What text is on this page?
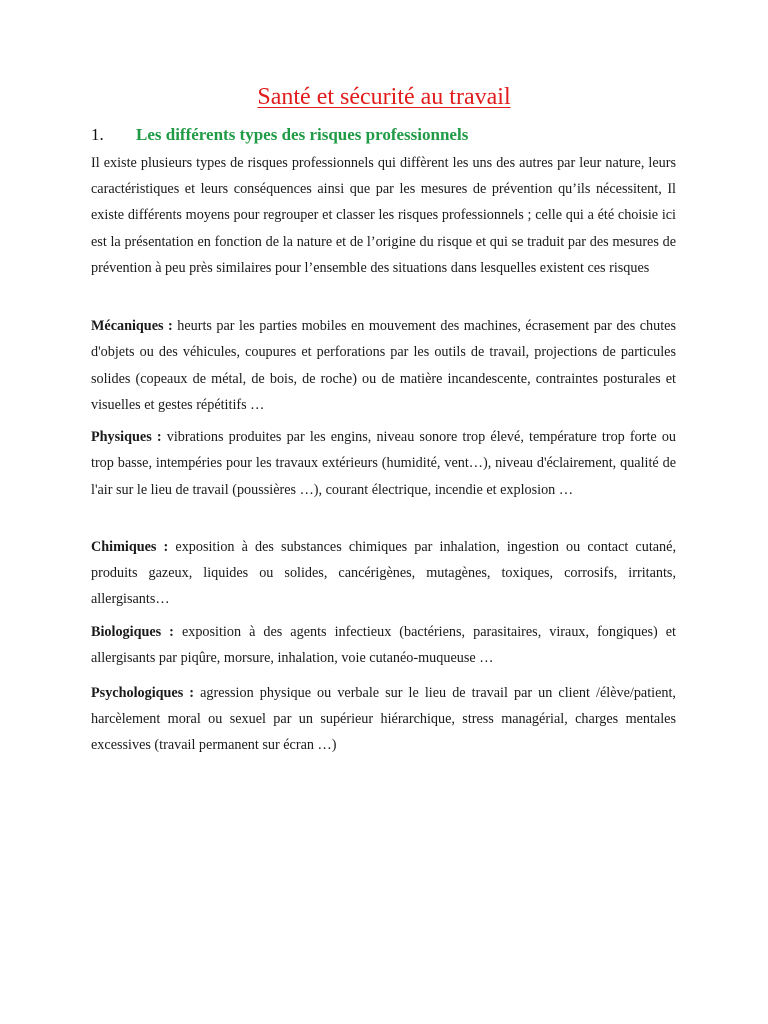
Santé et sécurité au travail
1. Les différents types des risques professionnels

Il existe plusieurs types de risques professionnels qui diffèrent les uns des autres par leur nature, leurs caractéristiques et leurs conséquences ainsi que par les mesures de prévention qu’ils nécessitent, Il existe différents moyens pour regrouper et classer les risques professionnels ; celle qui a été choisie ici est la présentation en fonction de la nature et de l’origine du risque et qui se traduit par des mesures de prévention à peu près similaires pour l’ensemble des situations dans lesquelles existent ces risques

Mécaniques : heurts par les parties mobiles en mouvement des machines, écrasement par des chutes d'objets ou des véhicules, coupures et perforations par les outils de travail, projections de particules solides (copeaux de métal, de bois, de roche) ou de matière incandescente, contraintes posturales et visuelles et gestes répétitifs …

Physiques : vibrations produites par les engins, niveau sonore trop élevé, température trop forte ou trop basse, intempéries pour les travaux extérieurs (humidité, vent…), niveau d'éclairement, qualité de l'air sur le lieu de travail (poussières …), courant électrique, incendie et explosion …

Chimiques : exposition à des substances chimiques par inhalation, ingestion ou contact cutané, produits gazeux, liquides ou solides, cancérigènes, mutagènes, toxiques, corrosifs, irritants, allergisants…

Biologiques : exposition à des agents infectieux (bactériens, parasitaires, viraux, fongiques) et allergisants par piqûre, morsure, inhalation, voie cutanéo-muqueuse …

Psychologiques : agression physique ou verbale sur le lieu de travail par un client /élève/patient, harcèlement moral ou sexuel par un supérieur hiérarchique, stress managérial, charges mentales excessives (travail permanent sur écran …)
